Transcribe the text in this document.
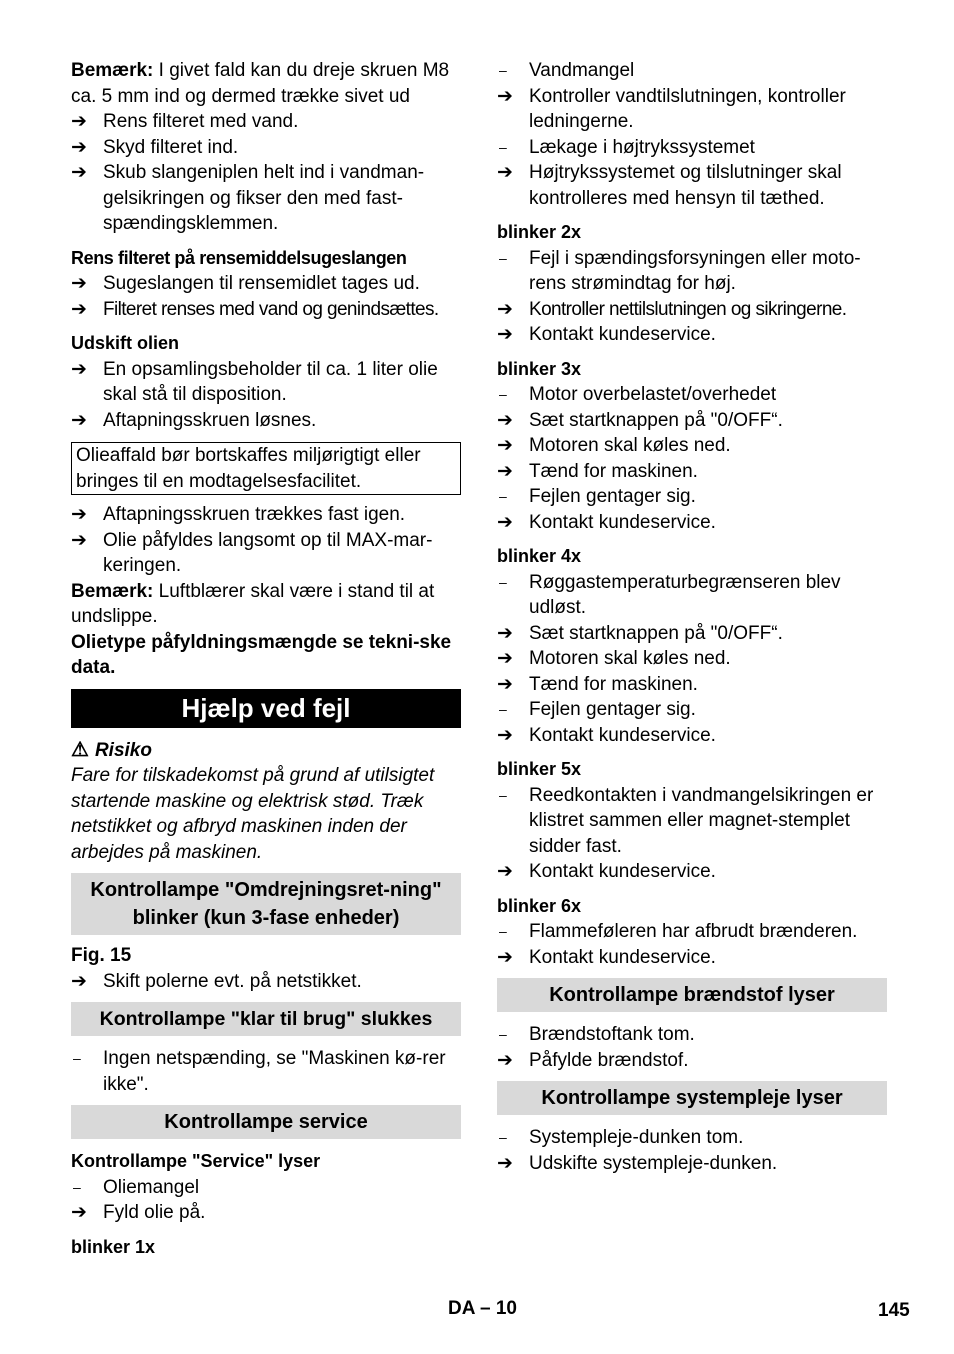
Bemærk: I givet fald kan du dreje skruen M8 ca. 5 mm ind og dermed trække sivet ud

➔ Rens filteret med vand.
➔ Skyd filteret ind.
➔ Skub slangeniplen helt ind i vandman-gelsikringen og fikser den med fast-spændingsklemmen.

Rens filteret på rensemiddelsugeslangen

➔ Sugeslangen til rensemidlet tages ud.
➔ Filteret renses med vand og genindsættes.

Udskift olien

➔ En opsamlingsbeholder til ca. 1 liter olie skal stå til disposition.
➔ Aftapningsskruen løsnes.
Olieaffald bør bortskaffes miljørigtigt eller bringes til en modtagelsesfacilitet.
➔ Aftapningsskruen trækkes fast igen.
➔ Olie påfyldes langsomt op til MAX-mar-keringen.

Bemærk: Luftblærer skal være i stand til at undslippe.

Olietype påfyldningsmængde se tekni-ske data.

Hjælp ved fejl
⚠ Risiko

Fare for tilskadekomst på grund af utilsigtet startende maskine og elektrisk stød. Træk netstikket og afbryd maskinen inden der arbejdes på maskinen.

Kontrollampe "Omdrejningsret-ning" blinker (kun 3-fase enheder)

Fig. 15

➔ Skift polerne evt. på netstikket.
Kontrollampe "klar til brug" slukkes
–	Ingen netspænding, se "Maskinen kø-rer ikke".
Kontrollampe service

Kontrollampe "Service" lyser

–	Oliemangel
➔ Fyld olie på.

blinker 1x

–	Vandmangel
➔ Kontroller vandtilslutningen, kontroller ledningerne.
–	Lækage i højtrykssystemet
➔ Højtrykssystemet og tilslutninger skal kontrolleres med hensyn til tæthed.

blinker 2x

–	Fejl i spændingsforsyningen eller moto-rens strømindtag for høj.
➔ Kontroller nettilslutningen og sikringerne.
➔ Kontakt kundeservice.

blinker 3x

–	Motor overbelastet/overhedet
➔ Sæt startknappen på "0/OFF“.
➔ Motoren skal køles ned.
➔ Tænd for maskinen.
–	Fejlen gentager sig.
➔ Kontakt kundeservice.

blinker 4x

–	Røggastemperaturbegrænseren blev udløst.
➔ Sæt startknappen på "0/OFF“.
➔ Motoren skal køles ned.
➔ Tænd for maskinen.
–	Fejlen gentager sig.
➔ Kontakt kundeservice.

blinker 5x

–	Reedkontakten i vandmangelsikringen er klistret sammen eller magnet-stemplet sidder fast.
➔ Kontakt kundeservice.

blinker 6x

–	Flammeføleren har afbrudt brænderen.
➔ Kontakt kundeservice.
Kontrollampe brændstof lyser
–	Brændstoftank tom.
➔ Påfylde brændstof.
Kontrollampe systempleje lyser
–	Systempleje-dunken tom.
➔ Udskifte systempleje-dunken.
DA – 10	145
